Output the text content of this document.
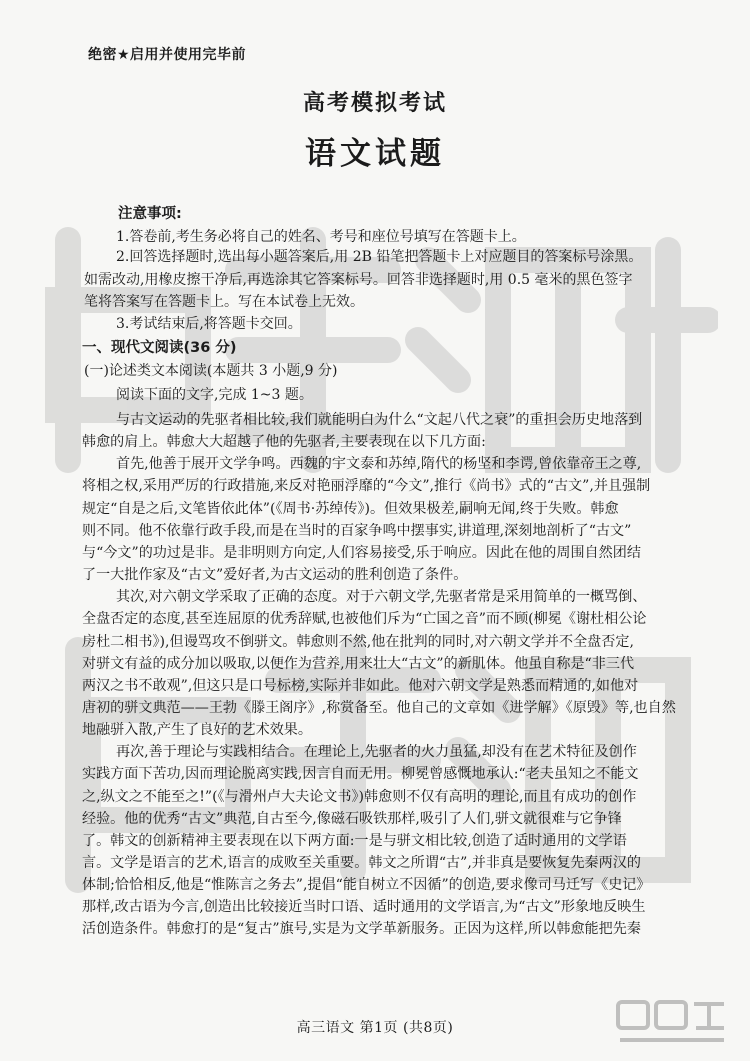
绝密★启用并使用完毕前
高考模拟考试
语文试题
注意事项:
1.答卷前,考生务必将自己的姓名、考号和座位号填写在答题卡上。
2.回答选择题时,选出每小题答案后,用 2B 铅笔把答题卡上对应题目的答案标号涂黑。
如需改动,用橡皮擦干净后,再选涂其它答案标号。回答非选择题时,用 0.5 毫米的黑色签字
笔将答案写在答题卡上。写在本试卷上无效。
3.考试结束后,将答题卡交回。
一、现代文阅读(36 分)
(一)论述类文本阅读(本题共 3 小题,9 分)
阅读下面的文字,完成 1~3 题。
与古文运动的先驱者相比较,我们就能明白为什么“文起八代之衰”的重担会历史地落到
韩愈的肩上。韩愈大大超越了他的先驱者,主要表现在以下几方面:
首先,他善于展开文学争鸣。西魏的宇文泰和苏绰,隋代的杨坚和李谔,曾依靠帝王之尊,
将相之权,采用严厉的行政措施,来反对艳丽浮靡的“今文”,推行《尚书》式的“古文”,并且强制
规定“自是之后,文笔皆依此体”(《周书·苏绰传》)。但效果极差,嗣响无闻,终于失败。韩愈
则不同。他不依靠行政手段,而是在当时的百家争鸣中摆事实,讲道理,深刻地剖析了“古文”
与“今文”的功过是非。是非明则方向定,人们容易接受,乐于响应。因此在他的周围自然团结
了一大批作家及“古文”爱好者,为古文运动的胜利创造了条件。
其次,对六朝文学采取了正确的态度。对于六朝文学,先驱者常是采用简单的一概骂倒、
全盘否定的态度,甚至连屈原的优秀辞赋,也被他们斥为“亡国之音”而不顾(柳冕《谢杜相公论
房杜二相书》),但谩骂攻不倒骈文。韩愈则不然,他在批判的同时,对六朝文学并不全盘否定,
对骈文有益的成分加以吸取,以便作为营养,用来壮大“古文”的新肌体。他虽自称是“非三代
两汉之书不敢观”,但这只是口号标榜,实际并非如此。他对六朝文学是熟悉而精通的,如他对
唐初的骈文典范——王勃《滕王阁序》,称赏备至。他自己的文章如《进学解》《原毁》等,也自然
地融骈入散,产生了良好的艺术效果。
再次,善于理论与实践相结合。在理论上,先驱者的火力虽猛,却没有在艺术特征及创作
实践方面下苦功,因而理论脱离实践,因言自而无用。柳冕曾感慨地承认:“老夫虽知之不能文
之,纵文之不能至之!”(《与滑州卢大夫论文书》)韩愈则不仅有高明的理论,而且有成功的创作
经验。他的优秀“古文”典范,自古至今,像磁石吸铁那样,吸引了人们,骈文就很难与它争锋
了。韩文的创新精神主要表现在以下两方面:一是与骈文相比较,创造了适时通用的文学语
言。文学是语言的艺术,语言的成败至关重要。韩文之所谓“古”,并非真是要恢复先秦两汉的
体制;恰恰相反,他是“惟陈言之务去”,提倡“能自树立不因循”的创造,要求像司马迁写《史记》
那样,改古语为今言,创造出比较接近当时口语、适时通用的文学语言,为“古文”形象地反映生
活创造条件。韩愈打的是“复古”旗号,实是为文学革新服务。正因为这样,所以韩愈能把先秦
高三语文 第1页 (共8页)
